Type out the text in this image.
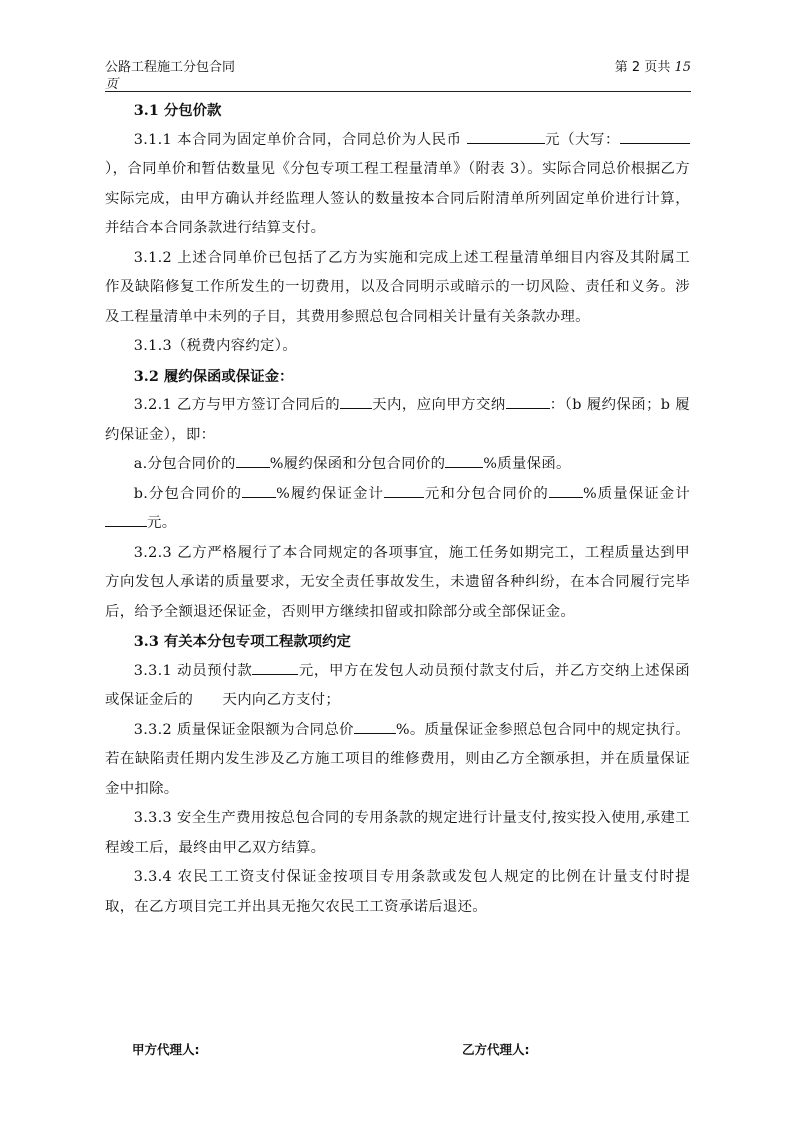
公路工程施工分包合同
页
第 2 页共 15

3.1 分包价款

3.1.1 本合同为固定单价合同，合同总价为人民币	元（大写：），合同单价和暂估数量见《分包专项工程工程量清单》（附表 3）。实际合同总价根据乙方实际完成，由甲方确认并经监理人签认的数量按本合同后附清单所列固定单价进行计算，并结合本合同条款进行结算支付。

3.1.2 上述合同单价已包括了乙方为实施和完成上述工程量清单细目内容及其附属工作及缺陷修复工作所发生的一切费用，以及合同明示或暗示的一切风险、责任和义务。涉及工程量清单中未列的子目，其费用参照总包合同相关计量有关条款办理。

3.1.3（税费内容约定）。

3.2 履约保函或保证金：

3.2.1 乙方与甲方签订合同后的 天内，应向甲方交纳	：（b 履约保函；b 履约保证金），即：

a.分包合同价的 %履约保函和分包合同价的	%质量保函。

b.分包合同价的 %履约保证金计	元和分包合同价的 %质量保证金计元。

3.2.3 乙方严格履行了本合同规定的各项事宜，施工任务如期完工，工程质量达到甲方向发包人承诺的质量要求，无安全责任事故发生，未遗留各种纠纷，在本合同履行完毕后，给予全额退还保证金，否则甲方继续扣留或扣除部分或全部保证金。

3.3 有关本分包专项工程款项约定

3.3.1 动员预付款	元，甲方在发包人动员预付款支付后，并乙方交纳上述保函或保证金后的　　天内向乙方支付；

3.3.2 质量保证金限额为合同总价	%。质量保证金参照总包合同中的规定执行。若在缺陷责任期内发生涉及乙方施工项目的维修费用，则由乙方全额承担，并在质量保证金中扣除。

3.3.3 安全生产费用按总包合同的专用条款的规定进行计量支付,按实投入使用,承建工程竣工后，最终由甲乙双方结算。

3.3.4 农民工工资支付保证金按项目专用条款或发包人规定的比例在计量支付时提取，在乙方项目完工并出具无拖欠农民工工资承诺后退还。

甲方代理人:	乙方代理人:
